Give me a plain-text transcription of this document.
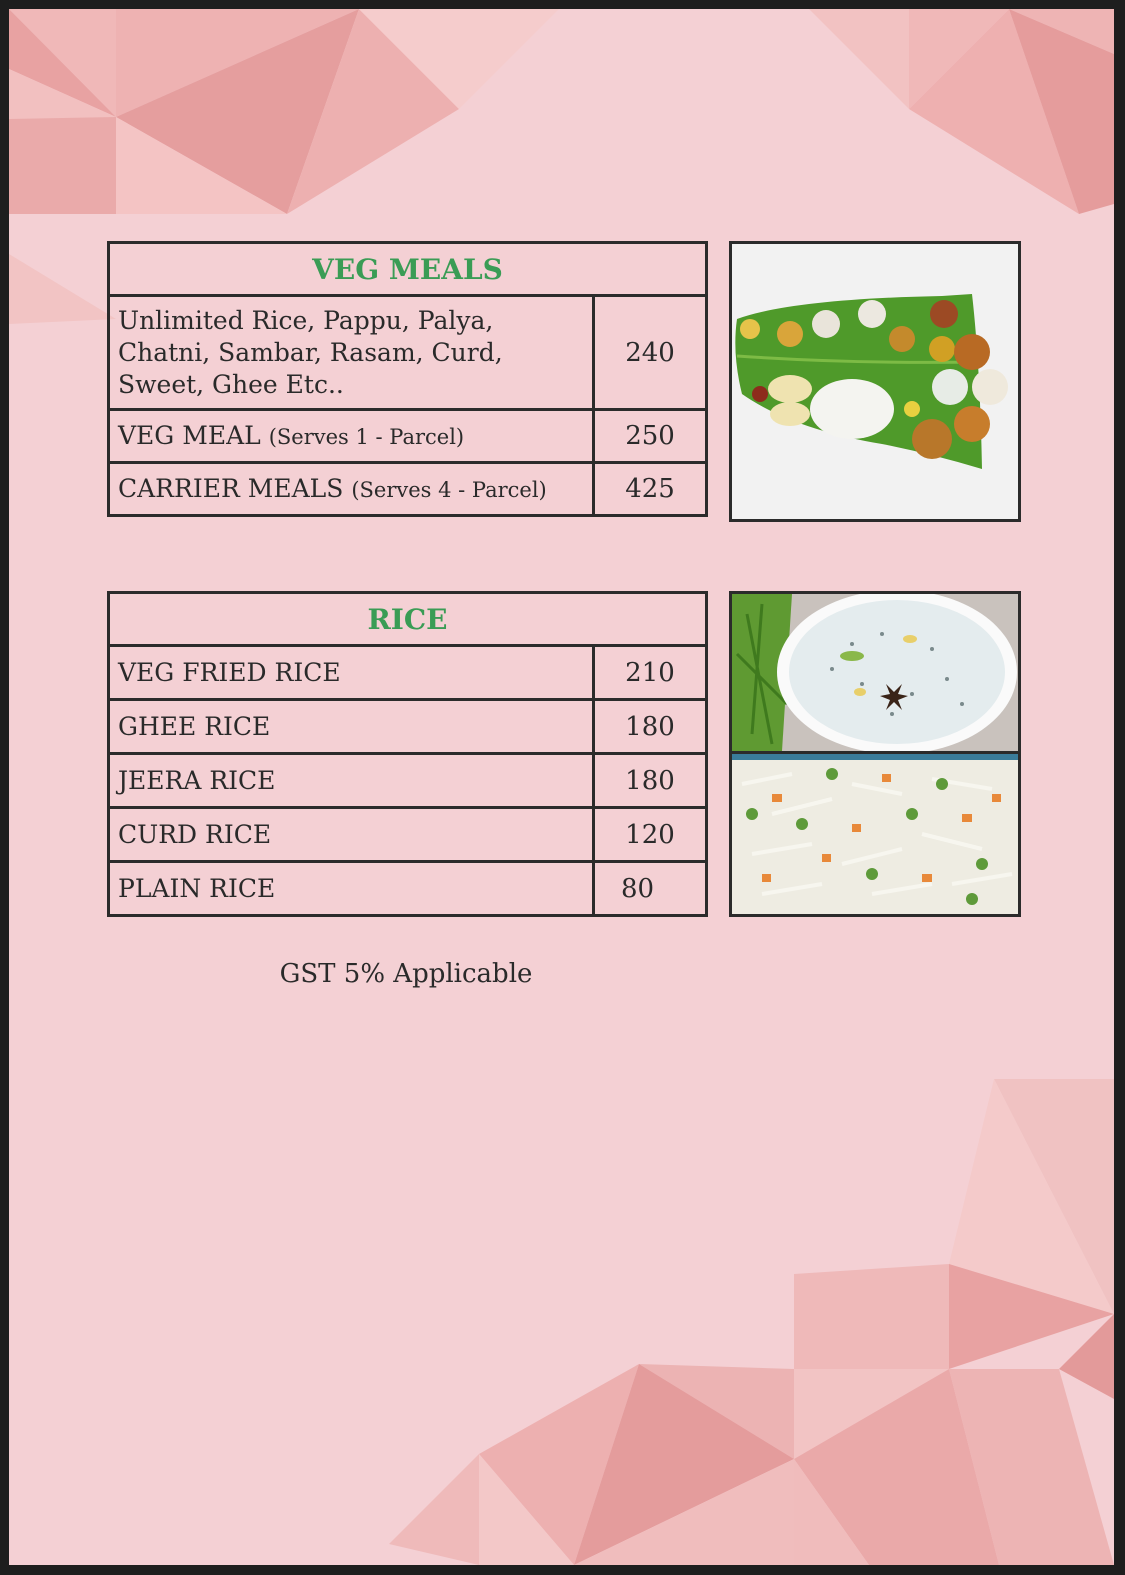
VEG MEALS	
Unlimited Rice, Pappu, Palya, Chatni, Sambar, Rasam, Curd, Sweet, Ghee Etc..	240
VEG MEAL (Serves 1 - Parcel)	250
CARRIER MEALS (Serves 4 - Parcel)	425
RICE	
VEG FRIED RICE	210
GHEE RICE	180
JEERA RICE	180
CURD RICE	120
PLAIN RICE	80
GST 5% Applicable
